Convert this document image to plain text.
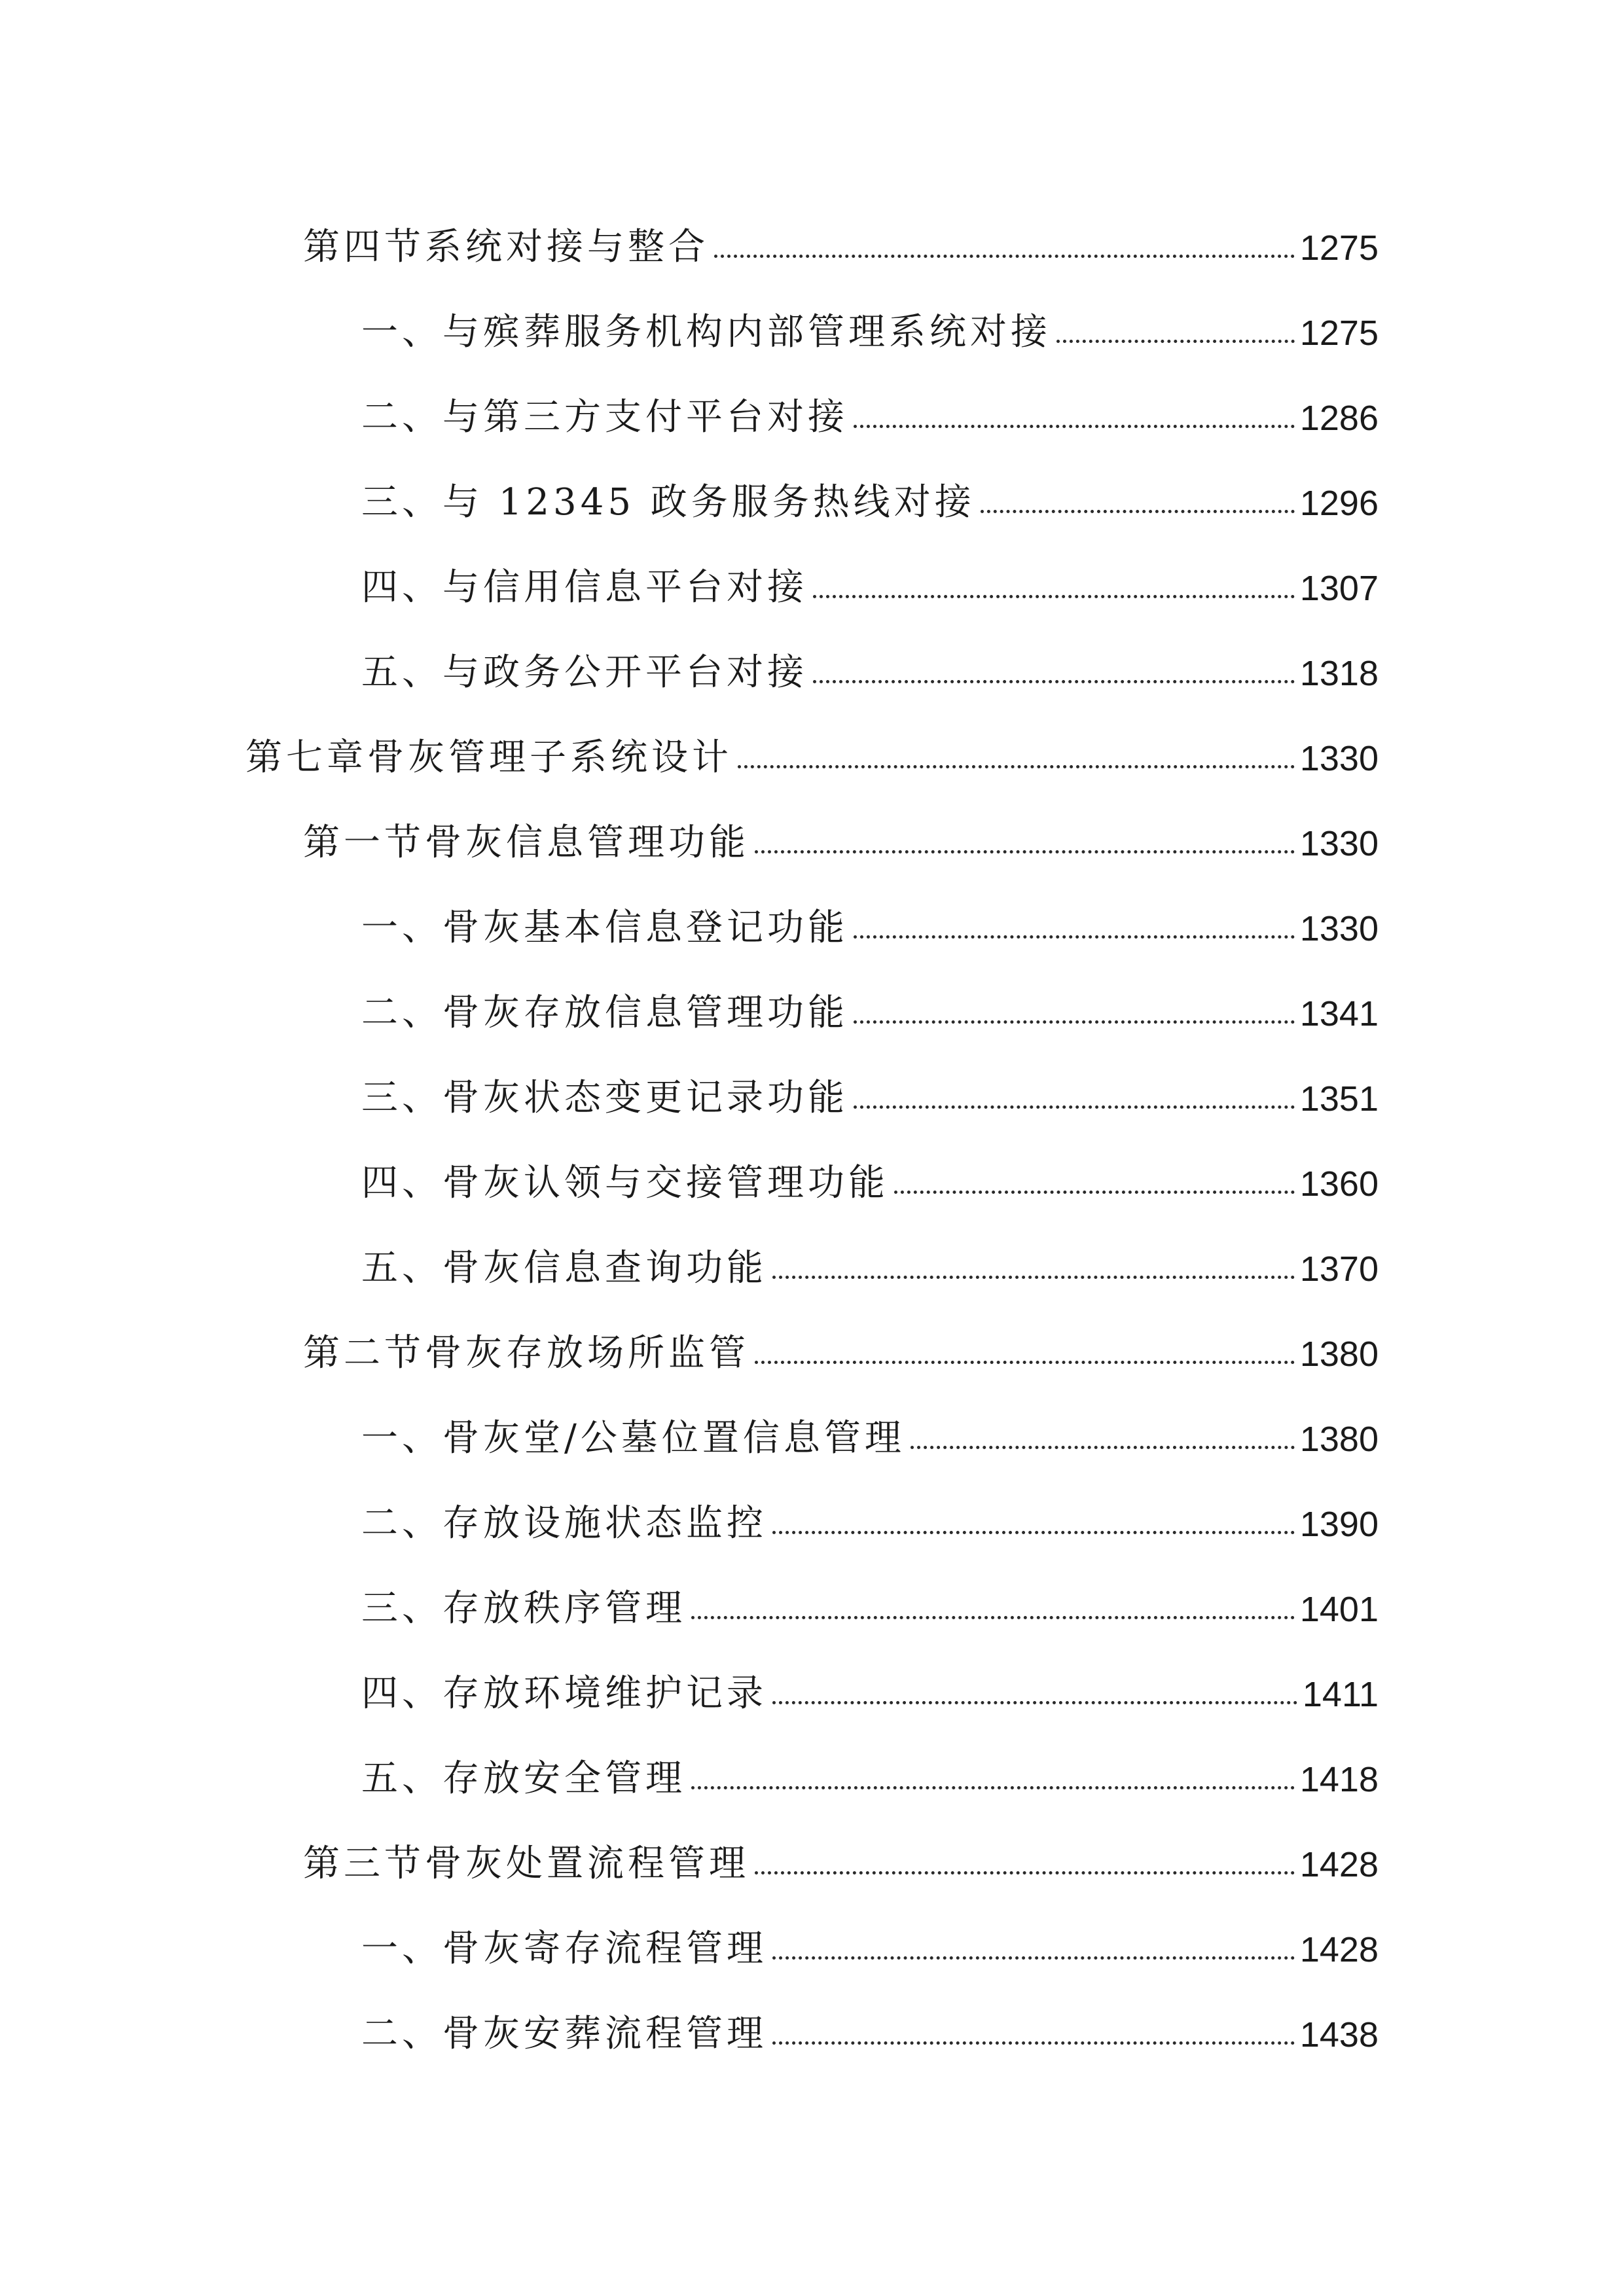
第四节系统对接与整合	1275
一、与殡葬服务机构内部管理系统对接	1275
二、与第三方支付平台对接	1286
三、与 12345 政务服务热线对接	1296
四、与信用信息平台对接	1307
五、与政务公开平台对接	1318
第七章骨灰管理子系统设计	1330
第一节骨灰信息管理功能	1330
一、骨灰基本信息登记功能	1330
二、骨灰存放信息管理功能	1341
三、骨灰状态变更记录功能	1351
四、骨灰认领与交接管理功能	1360
五、骨灰信息查询功能	1370
第二节骨灰存放场所监管	1380
一、骨灰堂/公墓位置信息管理	1380
二、存放设施状态监控	1390
三、存放秩序管理	1401
四、存放环境维护记录	1411
五、存放安全管理	1418
第三节骨灰处置流程管理	1428
一、骨灰寄存流程管理	1428
二、骨灰安葬流程管理	1438
